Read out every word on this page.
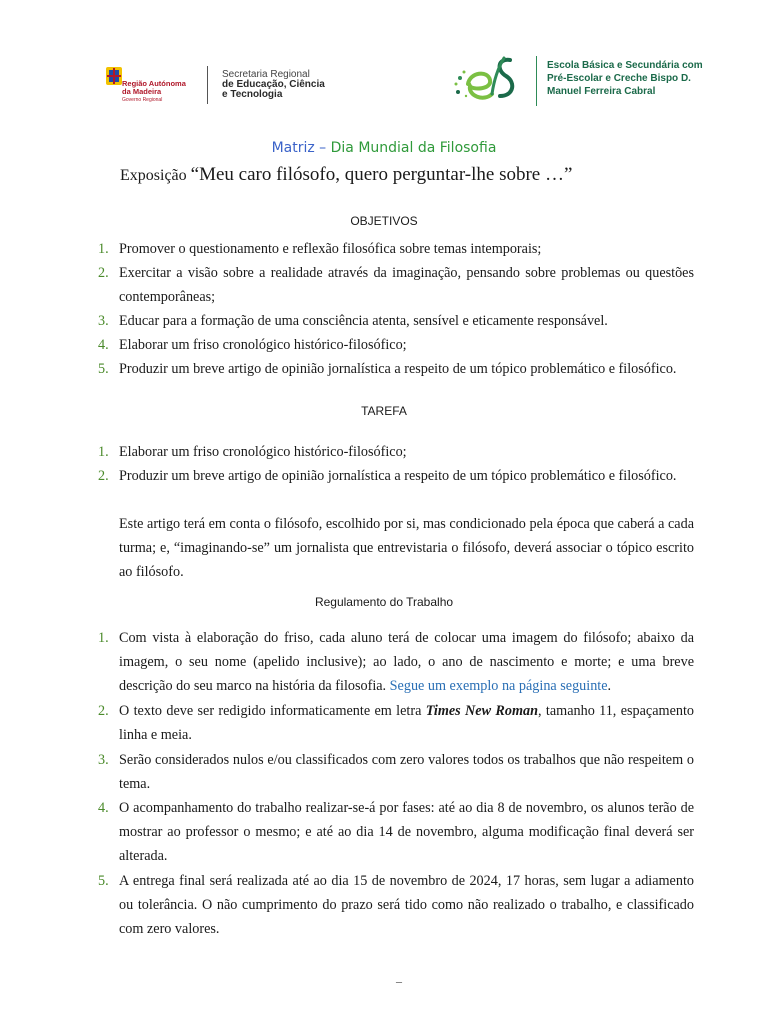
Região Autónoma
da Madeira
Governo Regional
Secretaria Regional
de Educação, Ciência
e Tecnologia
Escola Básica e Secundária com
Pré-Escolar e Creche Bispo D.
Manuel Ferreira Cabral
Matriz – Dia Mundial da Filosofia
Exposição “Meu caro filósofo, quero perguntar-lhe sobre …”
OBJETIVOS
1. Promover o questionamento e reflexão filosófica sobre temas intemporais;
2. Exercitar a visão sobre a realidade através da imaginação, pensando sobre problemas ou questões contemporâneas;
3. Educar para a formação de uma consciência atenta, sensível e eticamente responsável.
4. Elaborar um friso cronológico histórico-filosófico;
5. Produzir um breve artigo de opinião jornalística a respeito de um tópico problemático e filosófico.
TAREFA
1. Elaborar um friso cronológico histórico-filosófico;
2. Produzir um breve artigo de opinião jornalística a respeito de um tópico problemático e filosófico.
Este artigo terá em conta o filósofo, escolhido por si, mas condicionado pela época que caberá a cada turma; e, “imaginando-se” um jornalista que entrevistaria o filósofo, deverá associar o tópico escrito ao filósofo.
Regulamento do Trabalho
1. Com vista à elaboração do friso, cada aluno terá de colocar uma imagem do filósofo; abaixo da imagem, o seu nome (apelido inclusive); ao lado, o ano de nascimento e morte; e uma breve descrição do seu marco na história da filosofia. Segue um exemplo na página seguinte.
2. O texto deve ser redigido informaticamente em letra Times New Roman, tamanho 11, espaçamento linha e meia.
3. Serão considerados nulos e/ou classificados com zero valores todos os trabalhos que não respeitem o tema.
4. O acompanhamento do trabalho realizar-se-á por fases: até ao dia 8 de novembro, os alunos terão de mostrar ao professor o mesmo; e até ao dia 14 de novembro, alguma modificação final deverá ser alterada.
5. A entrega final será realizada até ao dia 15 de novembro de 2024, 17 horas, sem lugar a adiamento ou tolerância. O não cumprimento do prazo será tido como não realizado o trabalho, e classificado com zero valores.
–
